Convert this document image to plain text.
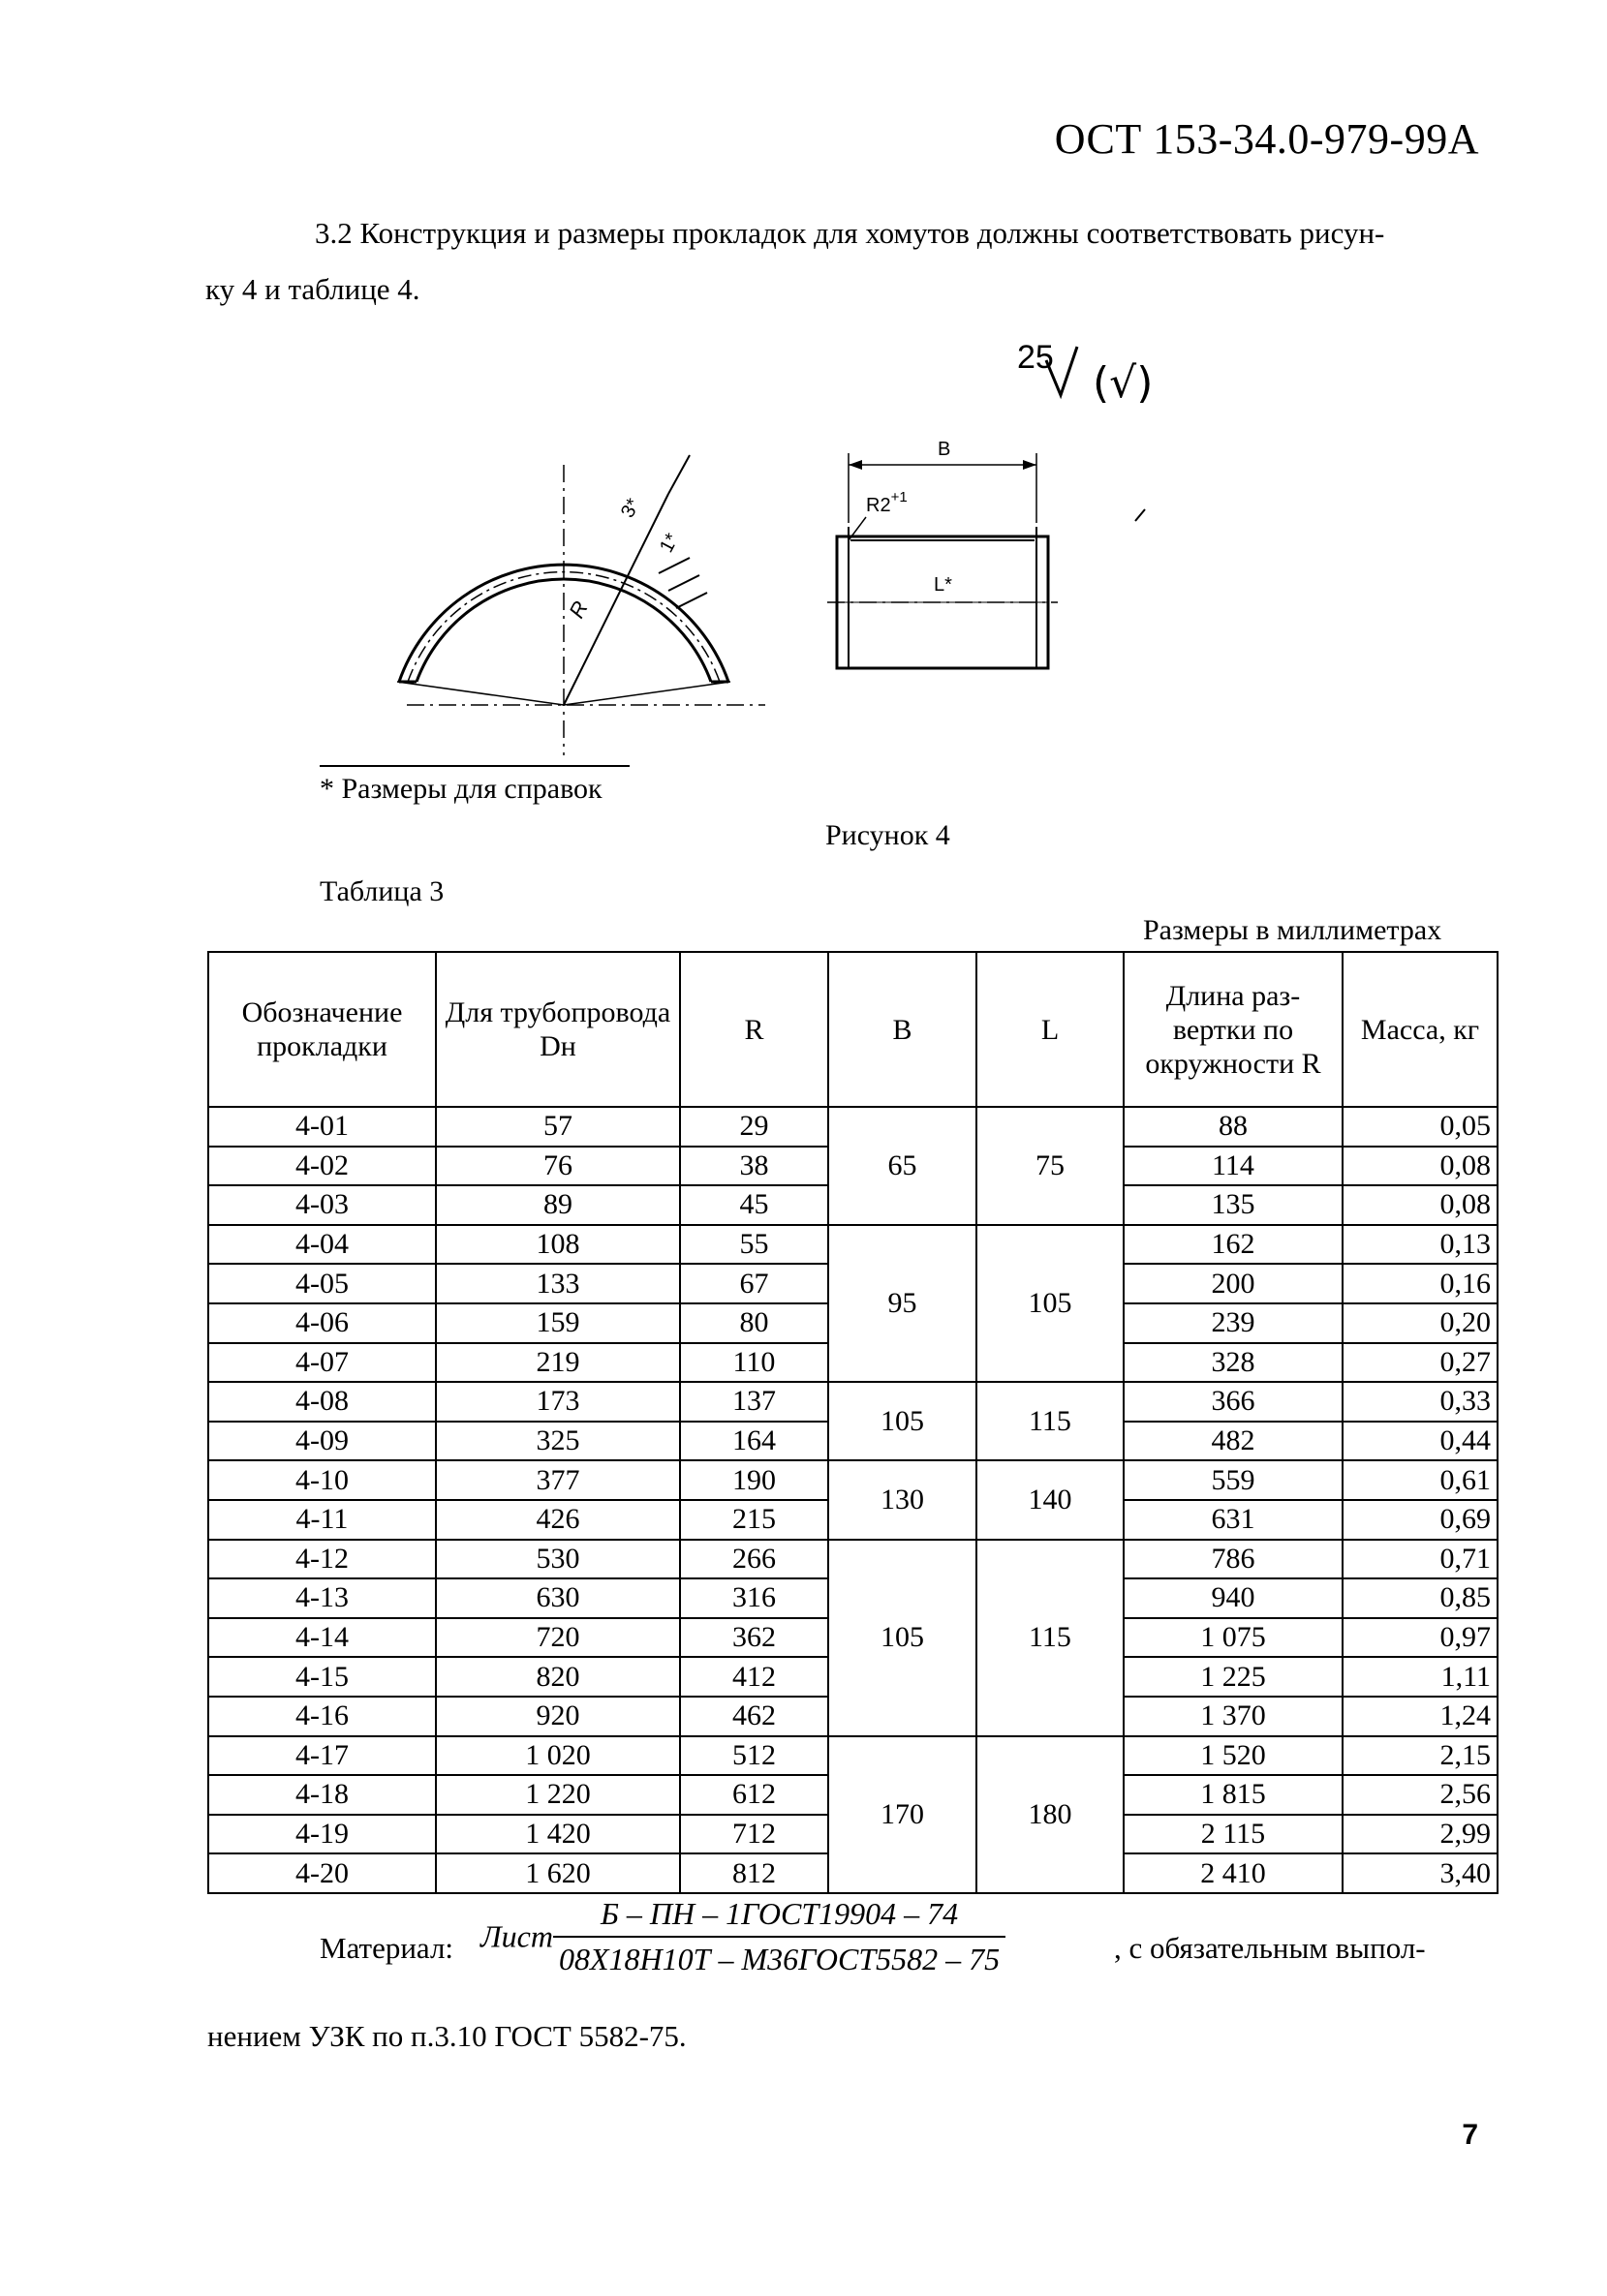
ОСТ 153-34.0-979-99А
3.2 Конструкция и размеры прокладок для хомутов должны соответствовать рисун-
ку 4 и таблице 4.
25
(√)
R
3*
1*
B
$R2^{+1}$
L*
* Размеры для справок
Рисунок 4
Таблица 3
Размеры в миллиметрах
Обозначение прокладки	Для трубопровода Dн	R	B	L	Длина раз-вертки по окружности R	Масса, кг
4-01	57	29	65	75	88	0,05
4-02	76	38			114	0,08
4-03	89	45			135	0,08
4-04	108	55	95	105	162	0,13
4-05	133	67			200	0,16
4-06	159	80			239	0,20
4-07	219	110			328	0,27
4-08	173	137	105	115	366	0,33
4-09	325	164			482	0,44
4-10	377	190	130	140	559	0,61
4-11	426	215			631	0,69
4-12	530	266	105	115	786	0,71
4-13	630	316			940	0,85
4-14	720	362			1 075	0,97
4-15	820	412			1 225	1,11
4-16	920	462			1 370	1,24
4-17	1 020	512	170	180	1 520	2,15
4-18	1 220	612			1 815	2,56
4-19	1 420	712			2 115	2,99
4-20	1 620	812			2 410	3,40
Материал: Лист $\frac{\text{Б – ПН – 1ГОСТ19904 – 74}}{\text{08Х18Н10Т – М36ГОСТ5582 – 75}}$	, с обязательным выпол-
нением УЗК по п.3.10 ГОСТ 5582-75.
7
